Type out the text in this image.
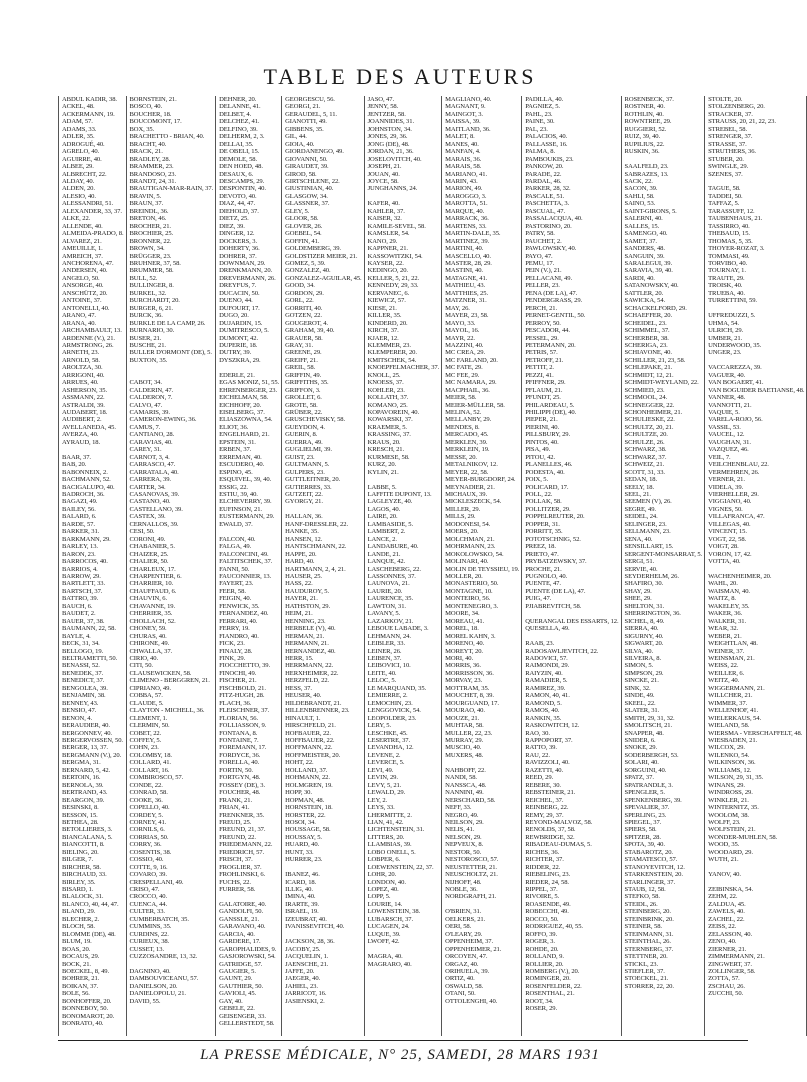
TABLE DES AUTEURS
ABDUL KADIR, 38.
ACKEL, 48.
ACKERMANN, 19.
ADAM, 57.
ADAMS, 33.
ADLER, 35.
ADROGUÉ, 40.
AGRELO, 40.
AGUIRRE, 40.
ALBEE, 29.
ALBRECHT, 22.
ALDAY, 40.
ALDEN, 20.
ALESIO, 40.
ALESSANDRI, 51.
ALEXANDER, 33, 37.
ALKE, 22.
ALLENDE, 40.
ALMEIDA-PRADO, 8.
ALVAREZ, 21.
AMEUILLE, 1.
AMREICH, 37.
ANCHORENA, 47.
ANDERSEN, 40.
ANGELO, 50.
ANSORGE, 40.
ANSCHÜTZ, 20.
ANTOINE, 37.
ANTONELLI, 40.
ARANO, 47.
ARANA, 40.
ARCHAMBAULT, 13.
ARDENNE (V.), 21.
ARMSTRONG, 26.
ARNETH, 23.
ARNOLD, 58.
AROLTZA, 30.
ARRIGONI, 40.
ARRUES, 40.
ASHERSON, 35.
ASSMANN, 22.
ASTRALDI, 39.
AUDABERT, 18.
AUDIBERT, 2.
AVELLANEDA, 45.
AVERZA, 40.
AYRAUD, 18.

BAAR, 37.
BAB, 20.
BABONNEIX, 2.
BACHMANN, 52.
BACIGALUPO, 40.
BADROCH, 36.
BAGAZI, 49.
BAILEY, 56.
BALARD, 6.
BARDE, 57.
BARKER, 31.
BARKMANN, 29.
BARLEY, 13.
BARON, 23.
BARROCOS, 40.
BARRIOS, 4.
BARROW, 29.
BARTLETT, 33.
BARTSCH, 37.
BATTRO, 39.
BAUCH, 6.
BAUDET, 2.
BAUER, 37, 38.
BAUMANN, 22, 58.
BAYLE, 4.
BECK, 31, 34.
BELLOGO, 19.
BELTRAMETTI, 50.
BENASSI, 52.
BENEDEK, 37.
BENEDICT, 37.
BENGOLEA, 39.
BENJAMIN, 38.
BENNEY, 43.
BENSIO, 47.
BENON, 4.
BERAUDIER, 40.
BERGONNEV, 40.
BERGERVOSSEN, 50.
BERGER, 13, 37.
BERGMANN (V.), 20.
BERGMA, 31.
BERNARD, 5, 42.
BERTOIN, 16.
BERNOLA, 39.
BERTRAND, 43.
BEARGON, 39.
BESINSKI, 8.
BESSON, 15.
BETHEA, 28.
BETOLLIERES, 3.
BIANCALANA, 5.
BIANCOTTI, 8.
BIELING, 20.
BILGER, 7.
BIRCHER, 58.
BIRCHAUD, 33.
BIRLEY, 35.
BISARD, 1.
BLALOCK, 31.
BLANCO, 40, 44, 47.
BLAND, 29.
BLECHER, 2.
BLOCH, 58.
BLOMME (DE), 48.
BLUM, 19.
BOAS, 20.
BOCAUS, 29.
BOCK, 21.
BOECKEL, 8, 49.
BOHRER, 21.
BOIKAN, 37.
BOLE, 56.
BONHOFFER, 20.
BONNEBOY, 50.
BONOMAROT, 20.
BONRATO, 40.
BORNSTEIN, 21.
BOSCO, 40.
BOUCHER, 18.
BOUCOMONT, 17.
BOX, 35.
BRACHETTO - BRIAN, 40.
BRACHT, 40.
BRACK, 21.
BRADLEY, 28.
BRAMMER, 23.
BRANDOSO, 23.
BRANDT, 24, 31.
BRAUTIGAN-MAR-RAIN, 37.
BRAVIN, 5.
BRAUN, 37.
BREINDL, 36.
BRETON, 46.
BROCHER, 21.
BROCHIER, 25.
BRONNER, 22.
BROWN, 34.
BRÜGGER, 23.
BRUHNER, 37, 58.
BRUMMER, 58.
BULL, 52.
BULLINGER, 8.
BURKEL, 32.
BURCHARDT, 20.
BURGER, 6, 21.
BURCK, 36.
BURKLE DE LA CAMP, 26.
BURNARIO, 30.
BUSER, 21.
BUSCHE, 21.
BULLER D'ORMONT (DE), 5.
BUXTON, 35.

CABOT, 34.
CALDERIN, 47.
CALDERON, 7.
CALVO, 47.
CAMARIS, 39.
CAMERON-EWING, 36.
CAMUS, 7.
CANTIANO, 28.
CARAVIAS, 40.
CAREY, 31.
CARNOT, 3, 4.
CARRASCO, 47.
CARRATALA, 40.
CARRERA, 39.
CARTER, 34.
CASANOVAS, 39.
CASTANO, 40.
CASTELLANO, 39.
CASTEX, 39.
CERNALLOS, 39.
CESI, 50.
CORONI, 49.
CHABANIER, 5.
CHAIZER, 25.
CHALIER, 50.
CHARLEUX, 17.
CHARPENTIER, 6.
CHARRIER, 10.
CHAUFFAUD, 6.
CHAUVIN, 6.
CHAVANNE, 19.
CHERRIER, 35.
CHOLLACH, 52.
CHONEY, 59.
CHURAS, 40.
CHIRONE, 49.
CHWALLA, 37.
CIRIO, 40.
CITI, 50.
CLAUSEWICKEN, 58.
CLIMENO - BERGGREN, 21.
CIPRIANO, 49.
COBBA, 57.
CLAUDE, 5.
CLAYTON - MICHELL, 36.
CLEMENT, 1.
CLERMIN, 50.
COBET, 22.
COFFEY, 5.
COHN, 23.
COLOMBY, 18.
COLLARD, 41.
COLLART, 16.
COMBIROSCO, 57.
CONDE, 22.
CONRAD, 58.
COOKE, 36.
COPELLO, 40.
CORDEY, 5.
CORNEY, 41.
CORNILS, 6.
CORRIAS, 50.
CORRY, 36.
COSENTIS, 38.
COSSIO, 40.
COTTE, 9, 16.
COVARO, 39.
CRESPELLANI, 49.
CRISO, 47.
CROCCO, 40.
CUENCA, 44.
CULTER, 33.
CUMBERBATCH, 35.
CUMMINS, 35.
CURDINS, 22.
CURIEUX, 38.
CUSSET, 13.
CUZZOSANDRE, 13, 32.

DAGNINO, 40.
DAMBOUVICEANU, 57.
DANIELSON, 20.
DANIELOPOLU, 21.
DAVID, 55.
DEHNER, 20.
DELANNE, 41.
DELBET, 4.
DELCHEZ, 41.
DELFINO, 39.
DELHERM, 2, 3.
DELLAI, 35.
DE OBELI, 15.
DEMOLE, 58.
DEN HOED, 48.
DESAUX, 6.
DESCAMPS, 29.
DESPONTIN, 40.
DEVOTO, 40.
DIAZ, 44, 47.
DIEHOLD, 37.
DIETZ, 25.
DIEZ, 39.
DINGER, 12.
DOCKERS, 3.
DOHERTY, 36.
DOHRER, 37.
DOWNMAN, 29.
DRENKMANN, 20.
DREVERMANN, 26.
DREYFUS, 7.
DUCACIN, 50.
DUENO, 44.
DUFOURT, 17.
DUGO, 20.
DUJARDIN, 15.
DUMITRESCO, 5.
DUMONT, 42.
DUPERIE, 18.
DUTRY, 39.
DYSZKRA, 29.

EDERLE, 21.
EGAS MONIZ, 51, 55.
EHRENBERGER, 23.
EICHELMAN, 58.
EICHHOFF, 20.
EISELBERG, 37.
ELIASZOWNA, 54.
ELIOT, 36.
ENGELHARD, 21.
EPSTEIN, 31.
ERBEN, 37.
ERREMAN, 40.
ESCUDERO, 40.
ESPINO, 45.
ESQUIVEL, 39, 40.
ESSIG, 22.
ESTIU, 39, 40.
ELCHEVERRY, 39.
EUFINSON, 21.
EUSTERMANN, 29.
EWALD, 37.

FALCON, 40.
FALGA, 49.
FALCONCINI, 49.
FALTITSCHEK, 37.
FANNI, 50.
FAUCONNIER, 13.
FAYERT, 23.
FEER, 58.
FEIGIN, 40.
FENWICK, 35.
FERNANDEZ, 40.
FERRARI, 40.
FERRY, 19.
FIANDRO, 40.
FICK, 23.
FINALY, 28.
FINK, 29.
FIOCCHETTO, 39.
FINOCHI, 49.
FISCHER, 21.
FISCHBOLD, 21.
FITZ-HUGH, 28.
FLACH, 36.
FLEISCHNER, 37.
FLORIAN, 56.
FOLLIASSON, 9.
FONTANA, 8.
FONTAINE, 7.
FOREMANN, 17.
FORDYCE, 36.
FORELLA, 40.
FORTIN, 50.
FORTGYN, 48.
FOSSEY (DE), 3.
FOUCHER, 48.
FRANK, 21.
FRIAN, 41.
FRENKNER, 35.
FREUD, 25.
FREUND, 21, 37.
FREUND, 22.
FRIEDEMANN, 22.
FRIEDRICH, 57.
FRISCH, 37.
FROGLIER, 37.
FROHLINSKI, 6.
FUCHS, 22.
FURRER, 58.

GALATOIRE, 40.
GANDOLFI, 50.
GANSSLE, 21.
GARAVANO, 40.
GARCIA, 40.
GARDERE, 17.
GAROPHALIDES, 9.
GASJOROWSKI, 54.
GATRIDGE, 57.
GAUGIER, 5.
GAUNT, 29.
GAUTHIER, 50.
GAVIOLI, 45.
GAY, 40.
GEBELE, 22.
GEISENGER, 33.
GELLERSTEDT, 58.
GEORGESCU, 56.
GEORGI, 21.
GERAUDEL, 5, 11.
GIANOTTI, 49.
GIBBENS, 35.
GIL, 44.
GIOIA, 40.
GIORDANENGO, 49.
GIOVANNI, 50.
GIRAUDET, 39.
GIROD, 58.
GIRTSCHLENE, 22.
GIUSTINIAN, 40.
GLASGOW, 34.
GLASSNER, 37.
GLEY, 5.
GLOOR, 58.
GLOVER, 26.
GOEBEL, 54.
GOFFIN, 41.
GOLDEMBERG, 39.
GOLDSTIZER MEIER, 21.
GOMEZ, 5, 39.
GONZALEZ, 40.
GONZALEZ-AGUILAR, 45.
GOOD, 34.
GORDON, 29.
GORL, 22.
GORRITI, 40.
GOTZEN, 22.
GOUGEROT, 4.
GRAHAM, 39, 40.
GRAUER, 58.
GRAY, 31.
GREENE, 29.
GREIFF, 21.
GREIL, 58.
GRIFFIN, 49.
GRIFFITHS, 35.
GRIFFON, 3.
GROLLET, 6.
GROTE, 58.
GRÜBER, 22.
GRUSCHEVISKY, 58.
GUEYDON, 4.
GUERIN, 8.
GUERRA, 49.
GUGLIELMI, 39.
GUIST, 23.
GULTMANN, 5.
GULPERS, 23.
GUTTLEITNER, 20.
GUTIERRES, 33.
GUTZEIT, 22.
GYORGY, 21.

HALLAN, 36.
HANF-DRESSLER, 22.
HANKE, 35.
HANSEN, 12.
HANTSCHMANN, 22.
HAPPE, 20.
HARD, 40.
HARTMANN, 2, 4, 21.
HAUSER, 25.
HASS, 22.
HAUDUROY, 5.
HAYER, 21.
HATHSTON, 29.
HEIM, 21.
HENNING, 23.
HERBELE (V), 40.
HERMAN, 21.
HERMANN, 21.
HERNANDEZ, 40.
HERR, 15.
HERRMANN, 22.
HERXHEIMER, 22.
HERZFELD, 22.
HESS, 37.
HEUSER, 40.
HILDEBRANDT, 21.
HILLENBRENNER, 23.
HINAULT, 1.
HIRSCHFELD, 21.
HOFBAUER, 22.
HOFFBAUER, 22.
HOFFMANN, 22.
HOFFMEISTER, 20.
HOHT, 22.
HOLLAND, 37.
HOHMANN, 22.
HOLMGREN, 19.
HOPP, 30.
HOPMAN, 48.
HORNSTEIN, 18.
HORSTER, 22.
HOSOI, 34.
HOUSSAGE, 58.
HOUSSAY, 5.
HUARD, 40.
HUNT, 33.
HURRER, 23.

IBANEZ, 46.
ICARD, 18.
ILLIG, 40.
IMINA, 40.
IRARTE, 39.
ISRAEL, 19.
IZEUBRAT, 40.
IVANISSEVITCH, 40.

JACKSON, 28, 36.
JACOBY, 25.
JACQUELIN, 1.
JAENSCHE, 21.
JAFFE, 20.
JAEGER, 40.
JAHIEL, 23.
JARRICOT, 16.
JASIENSKI, 2.
JASO, 47.
JENNY, 58.
JENTZER, 58.
JOANNIDES, 31.
JOHNSTON, 34.
JONES, 29, 36.
JONG (DE), 48.
JORDAN, 21, 36.
JOSELOVITCH, 40.
JOSEPH, 21.
JOUAN, 40.
JOYCE, 58.
JUNGHANNS, 24.

KAFER, 40.
KAHLER, 37.
KAISER, 32.
KAMILE-SEVEL, 58.
KAMSLER, 54.
KANO, 29.
KAPPNER, 21.
KASSOWITZKI, 54.
KAYSER, 22.
KEDINGO, 20.
KELLER, 5, 21, 22.
KENNEDY, 29, 33.
KERVANEC, 6.
KIEWICZ, 57.
KIESE, 21.
KILLER, 35.
KINDERD, 20.
KIRCH, 37.
KJAER, 12.
KLEMMER, 23.
KLEMPERER, 20.
KMITSCHEK, 54.
KNOEPFELMACHER, 37.
KNOLL, 25.
KNOESS, 37.
KOHLER, 23.
KOLLATH, 37.
KOMANO, 25.
KOPAVOREIN, 40.
KOWARSKI, 37.
KRAEMER, 5.
KRASSING, 37.
KRAUS, 20.
KRESCH, 21.
KURMESE, 58.
KURZ, 20.
KYLIN, 21.

LABBE, 5.
LAFFITE DUPONT, 13.
LAGLEYZE, 40.
LAGOS, 40.
LAIRE, 20.
LAMBASIDE, 5.
LAMBERT, 2.
LANCE, 2.
LANDABURE, 40.
LANDE, 21.
LANQUE, 42.
LASCHEBERG, 22.
LASSONNES, 37.
LAUNOVA, 21.
LAURIE, 20.
LAURENCE, 35.
LAWTON, 31.
LAVANY, 5.
LAZARKOV, 21.
LEBOUE LABADE, 3.
LEHMANN, 24.
LEIBLER, 33.
LEINER, 26.
LEIBEN, 37.
LEIBOVICI, 10.
LEITE, 40.
LELOC, 5.
LE MARQUAND, 35.
LEMIERRE, 2.
LEMOCHIN, 23.
LENGGOVICK, 54.
LEOPOLDER, 23.
LERY, 5.
LESCHKE, 45.
LESERTRE, 37.
LEVANDHA, 12.
LEVENE, 2.
LEVERCE, 5.
LEVI, 49.
LEVIN, 29.
LEVY, 5, 21.
LEWALD, 29.
LEY, 2.
LEYS, 33.
LHERMITTE, 2.
LIAN, 41, 42.
LICHTENSTEIN, 31.
LITTERS, 20.
LLAMBIAS, 39.
LOBO ONELL, 5.
LOBPER, 6.
LOEWENSTEIN, 22, 37.
LOHR, 20.
LONDON, 40.
LOPEZ, 40.
LOPP, 5.
LOURIE, 14.
LOWENSTEIN, 38.
LUBARSCH, 37.
LUCAGEN, 24.
LUQUE, 39.
LWOFF, 42.

MAGRA, 40.
MAGRARO, 40.
MAGLIANO, 40.
MAGNANT, 9.
MAINGOT, 3.
MAISSA, 39.
MAITLAND, 36.
MALET, 8.
MANES, 40.
MANFAN, 4.
MARAIS, 36.
MARAIS, 58.
MARIANO, 41.
MARIN, 43.
MARION, 49.
MAROGGO, 3.
MAROTTA, 51.
MARQUE, 40.
MARRACK, 36.
MARTENS, 33.
MARTIN-DALE, 35.
MARTINEZ, 39.
MARTINI, 40.
MASCELLO, 40.
MASTER, 28, 29.
MASTINI, 40.
MATAGNE, 41.
MATHIEU, 43.
MATTHIES, 25.
MATZNER, 31.
MAY, 26.
MAYER, 23, 58.
MAYO, 33.
MAYOL, 16.
MAYR, 22.
MAZZINI, 40.
MC CREA, 29.
MC FARLAND, 20.
MC FATE, 29.
MC FEE, 29.
MC NAMARA, 29.
MACPHAIL, 36.
MEIER, 58.
MEIER-MÜLLER, 58.
MELINA, 52.
MELLANBY, 29.
MENDES, 8.
MERCADO, 45.
MERKLEN, 39.
MERKLEIN, 19.
MESSE, 20.
METALNIKOV, 12.
MEYER, 22, 58.
MEYER-BURGDORF, 24.
MEYNADIER, 21.
MICHAUX, 39.
MICKLESZECK, 54.
MILLER, 29.
MILLS, 29.
MODONESI, 54.
MOERS, 20.
MOLCHMAN, 21.
MOHRMANN, 23.
MOKOLOWSKO, 54.
MOLINARI, 40.
MOLIN DE TEYSSIEU, 19.
MOLLER, 20.
MONASTERIO, 50.
MONTAGNE, 10.
MONTEIRO, 56.
MONTENEGRO, 3.
MOORE, 34.
MOREAU, 41.
MOREL, 18.
MOREL KAHN, 3.
MORENO, 40.
MOREYT, 20.
MORI, 40.
MORRIS, 36.
MORRISSON, 36.
MORVAY, 23.
MOTTRAM, 35.
MOUCHET, 8, 39.
MOURGUAND, 17.
MOURAO, 40.
MOUZE, 21.
MUHTAR, 58.
MULLER, 22, 23.
MURRAY, 29.
MUSCIO, 40.
MUXERS, 48.

NAHBOFF, 22.
NANDI, 58.
NANSSCA, 48.
NANNINI, 49.
NERSCHARD, 58.
NEFF, 33.
NEGRO, 49.
NEILSON, 29.
NELIS, 41.
NELSON, 29.
NEPVEUX, 8.
NESTOR, 50.
NESTOROSCO, 57.
NEUSTETTER, 21.
NEUSCHOLTZ, 21.
NIJHOFF, 48.
NOBLE, 36.
NORDGRAFH, 21.

O'BRIEN, 31.
OELKERS, 21.
OERI, 58.
O'LEARY, 29.
OPPENHEIM, 37.
OPPENHEIMER, 21.
ORCOYEN, 47.
ORGAZ, 40.
ORIHUELA, 39.
ORTIZ, 40.
OSWALD, 58.
OTANI, 50.
OTTOLENGHI, 40.
PADILLA, 40.
PAGNIEZ, 5.
PAHL, 23.
PAINE, 30.
PAL, 23.
PALACIOS, 40.
PALLASSE, 16.
PALMA, 8.
PAMBOUKIS, 23.
PANKOW, 20.
PARADE, 22.
PARDAL, 46.
PARKER, 28, 32.
PASCALE, 51.
PASCHETTA, 3.
PASCUAL, 47.
PASSALACQUA, 40.
PASTORINO, 20.
PATRY, 58.
PAUCHET, 2.
PAWLOWSKY, 40.
PAYO, 47.
PEMU, 17.
PEIN (V.), 21.
PELLACANI, 49.
PELLER, 23.
PENA (DE LA), 47.
PENDERGRASS, 29.
PERCH, 21.
PERNET-GENTIL, 50.
PERROY, 50.
PESCADOR, 44.
PESSEL, 29.
PETERMANN, 20.
PETRIS, 57.
PETROFF, 21.
PETTIT, 2.
PEZZI, 41.
PFIFFNER, 29.
PFLAUM, 21.
PFUNDT, 25.
PHILARDEAU, 5.
PHILIPPI (DE), 40.
PIEPER, 21.
PIERINI, 40.
PILLSBURY, 29.
PINTOS, 40.
PISA, 49.
PITOU, 42.
PLANELLES, 46.
PODESTA, 40.
POIX, 5.
POLICARD, 17.
POLL, 22.
POLLAK, 58.
POLLITZER, 29.
POPPELREUTER, 20.
POPPER, 31.
PORRITT, 35.
POTOTSCHNIG, 52.
PREEZ, 18.
PRIETO, 47.
PRYBATZEWSKY, 37.
PROCHE, 21.
PUGNOLO, 40.
PUENTE, 47.
PUENTE (DE LA), 47.
PUIG, 47.
PJIABREVITCH, 58.

QUERANGAL DES ESSARTS, 12.
QUESELLA, 49.

RAAB, 23.
RADOSAWLJEVITCH, 22.
RADOVICI, 57.
RAIMONDI, 29.
RAIYZIN, 40.
RAMADIER, 5.
RAMIREZ, 39.
RAMON, 40, 41.
RAMOND, 5.
RAMOS, 40.
RANKIN, 35.
RASKOWITCH, 12.
RAO, 30.
RAPPOPORT, 37.
RATTO, 39.
RAU, 22.
RAVIZZOLI, 40.
RAZETTI, 40.
REED, 29.
REBERE, 30.
REBSTEINER, 21.
REICHEL, 37.
REINBERG, 22.
REMY, 29, 37.
REYOND-MALVOZ, 58.
RENOLDS, 37, 58.
REWBRIDGE, 32.
RIBADEAU-DUMAS, 5.
RICHES, 36.
RICHTER, 37.
RIDDER, 22.
RIEBELING, 23.
RIEDER, 24, 58.
RIPPEL, 37.
RIVOIRE, 5.
ROASENDE, 49.
ROBECCHI, 49.
ROCCO, 50.
RODRIGUEZ, 40, 55.
ROFFO, 39.
ROGER, 3.
ROHDE, 20.
ROLLAND, 9.
ROLLIER, 20.
ROMBERG (V.), 20.
ROMINGER, 20.
ROSENFELDER, 22.
ROSENTHAL, 21.
ROOT, 34.
ROSER, 29.
ROSENBECK, 37.
ROSTNER, 40.
ROTHLIN, 40.
ROWNTREE, 29.
RUGGIERI, 52.
RUIZ, 39, 40.
RUPILIUS, 22.
RUSKIN, 36.

SAALFELD, 23.
SABRAZES, 13.
SACK, 22.
SACON, 39.
SAHLI, 58.
SAINO, 53.
SAINT-GIRONS, 5.
SALERNI, 40.
SALLES, 15.
SAMENGO, 40.
SAMET, 37.
SANDERS, 48.
SANGUIN, 39.
SARALEGUI, 39.
SARAVIA, 39, 40.
SARDI, 40.
SATANOWSKY, 40.
SATTLER, 20.
SAWICKA, 54.
SCHACKELFORD, 29.
SCHAEFFER, 20.
SCHEIDEL, 23.
SCHIMMEL, 37.
SCHERBER, 38.
SCHERIGA, 23.
SCHIAVONE, 40.
SCHILLER, 21, 23, 58.
SCHLEPAKE, 21.
SCHMIDT, 12, 21.
SCHMIDT-WEYLAND, 22.
SCHMIED, 23.
SCHMOOL, 24.
SCHNEGGER, 22.
SCHONHEIMER, 21.
SCHULIESKE, 22.
SCHULTZ, 20, 21.
SCHULTZE, 20.
SCHULZE, 26.
SCHWARZ, 38.
SCHWARZ, 37.
SCHWEIZ, 21.
SCOTT, 31, 33.
SEDAN, 18.
SEELY, 18.
SEEL, 21.
SEEMEN (V), 26.
SEGRE, 49.
SEIDEL, 24.
SELINGER, 23.
SELLMANN, 23.
SENA, 40.
SENSILLART, 15.
SERGENT-MONSARRAT, 5.
SERGI, 51.
SERVIE, 40.
SEYDERHELM, 26.
SHAFIRO, 30.
SHAY, 29.
SHEE, 29.
SHELTON, 31.
SHERRINGTON, 36.
SICHEL, 8, 49.
SIERRA, 40.
SIGURNY, 40.
SIGWART, 20.
SILVA, 40.
SILVEIRA, 8.
SIMON, 5.
SIMPSON, 29.
SINCKE, 21.
SINK, 32.
SINDE, 49.
SKEEL, 22.
SLATER, 31.
SMITH, 29, 31, 32.
SMOLITSCH, 21.
SNAPPER, 48.
SNIDER, 6.
SNOKE, 29.
SODERBERGH, 53.
SOLARI, 40.
SORGUINI, 40.
SPATZ, 37.
SPATRANDLE, 3.
SPENGLER, 5.
SPENKENBERG, 39.
SPEVALIER, 37.
SPERLING, 23.
SPIEGEL, 37.
SPIERS, 58.
SPITZER, 28.
SPOTA, 39, 40.
STABAROTZ, 20.
STAMATESCO, 57.
STANOYEVITCH, 12.
STARKENSTEIN, 20.
STARLINGER, 37.
STAUB, 12, 58.
STEFKO, 58.
STEIDL, 26.
STEINBERG, 20.
STEINBRINK, 20.
STEINER, 58.
STEINMANN, 31.
STEINTHAL, 26.
STERNBERG, 37.
STETTNER, 20.
STICKL, 23.
STIEFLER, 37.
STOECKEL, 21.
STORRER, 22, 20.
STOLTE, 20.
STOLZENBERG, 20.
STRACKER, 37.
STRAUSS, 20, 21, 22, 23.
STREBEL, 58.
STRENGER, 37.
STRASSE, 37.
STRUTHERS, 36.
STUBER, 20.
SWINGLE, 29.
SZENES, 37.

TAGUE, 58.
TADDEI, 50.
TAFFAZ, 5.
TARASSUFF, 12.
TAUBENHAUS, 21.
TASSIRRO, 40.
THEBAUD, 15.
THOMAS, 5, 35.
THOYER-ROZAT, 3.
TOMMASI, 49.
TORVIBO, 40.
TOURNAY, 1.
TRAUTE, 29.
TROISK, 40.
TRUEBA, 40.
TURRETTINI, 59.

UFFREDUZZI, 5.
UHMA, 54.
ULRICH, 29.
UMBER, 21.
UNDERWOOD, 35.
UNGER, 23.

VACCAREZZA, 39.
VAGUER, 40.
VAN BOGAERT, 41.
VAN BOGUIDER BAETIANSE, 48.
VANNER, 48.
VANNOTTI, 21.
VAQUIE, 5.
VARELA-ROJO, 56.
VASSIL, 53.
VAUCEL, 12.
VAUGHAN, 31.
VAZQUEZ, 46.
VEIL, 7.
VEILCHENBLAU, 22.
VERMEHREN, 26.
VERNER, 21.
VIDELA, 39.
VIERHELLER, 29.
VIGGIANO, 40.
VIGNES, 50.
VILLAFRANCA, 47.
VILLEGAS, 40.
VINCENT, 15.
VOGT, 22, 58.
VOIGT, 28.
VORON, 17, 42.
VOTTA, 40.

WACHENHEIMER, 20.
WAHL, 20.
WAISMAN, 40.
WAITZ, 8.
WAKELEY, 35.
WAKER, 36.
WALKER, 31.
WEAR, 32.
WEBER, 21.
WEIGHTLAN, 48.
WEINER, 37.
WEINSMAN, 21.
WEISS, 22.
WEILLER, 6.
WEITZ, 40.
WIGGERMANN, 21.
WILLCHER, 21.
WIMMER, 37.
WELLENHOF, 41.
WIELERKAUS, 54.
WIELAND, 58.
WIERSMA - VERSCHAFFELT, 48.
WIESBADEN, 21.
WILCOX, 29.
WILENKO, 54.
WILKINSON, 36.
WILLIAMS, 12.
WILSON, 29, 31, 35.
WINANS, 29.
WINDROSS, 29.
WINKLER, 21.
WINTERNITZ, 35.
WOOLOM, 38.
WOLFF, 23.
WOLFSTEIN, 21.
WONDER-MUHLEN, 58.
WOOD, 35.
WOODARD, 29.
WUTH, 21.

YANOV, 40.

ZEIBINSKA, 54.
ZEHM, 22.
ZALDUA, 45.
ZAWELS, 40.
ZACHEL, 22.
ZEISS, 22.
ZELASSON, 40.
ZENO, 40.
ZIERNER, 21.
ZIMMERMANN, 21.
ZINGWERT, 37.
ZOLLINGER, 58.
ZOTTA, 57.
ZSCHAU, 26.
ZUCCHI, 50.
LA PRESSE MÉDICALE, N° 25, SAMEDI, 28 MARS 1931
